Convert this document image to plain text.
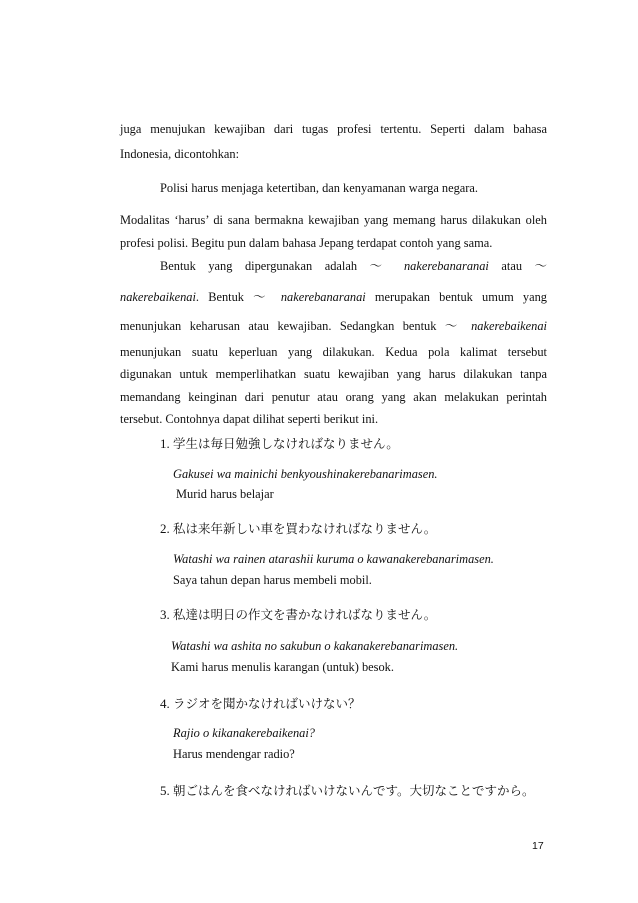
juga menujukan kewajiban dari tugas profesi tertentu. Seperti dalam bahasa
Indonesia, dicontohkan:
Polisi harus menjaga ketertiban, dan kenyamanan warga negara.
Modalitas ‘harus’ di sana bermakna kewajiban yang memang harus dilakukan oleh
profesi polisi. Begitu pun dalam bahasa Jepang terdapat contoh yang sama.
Bentuk yang dipergunakan adalah ～ nakerebanaranai atau ～
nakerebaikenai. Bentuk ～ nakerebanaranai merupakan bentuk umum yang
menunjukan keharusan atau kewajiban. Sedangkan bentuk ～ nakerebaikenai
menunjukan suatu keperluan yang dilakukan. Kedua pola kalimat tersebut
digunakan untuk memperlihatkan suatu kewajiban yang harus dilakukan tanpa
memandang keinginan dari penutur atau orang yang akan melakukan perintah
tersebut. Contohnya dapat dilihat seperti berikut ini.
1. 学生は毎日勉強しなければなりません。
Gakusei wa mainichi benkyoushinakerebanarimasen.
Murid harus belajar
2. 私は来年新しい車を買わなければなりません。
Watashi wa rainen atarashii kuruma o kawanakerebanarimasen.
Saya tahun depan harus membeli mobil.
3. 私達は明日の作文を書かなければなりません。
Watashi wa ashita no sakubun o kakanakerebanarimasen.
Kami harus menulis karangan (untuk) besok.
4. ラジオを聞かなければいけない？
Rajio o kikanakerebaikenai?
Harus mendengar radio?
5. 朝ごはんを食べなければいけないんです。大切なことですから。
17
